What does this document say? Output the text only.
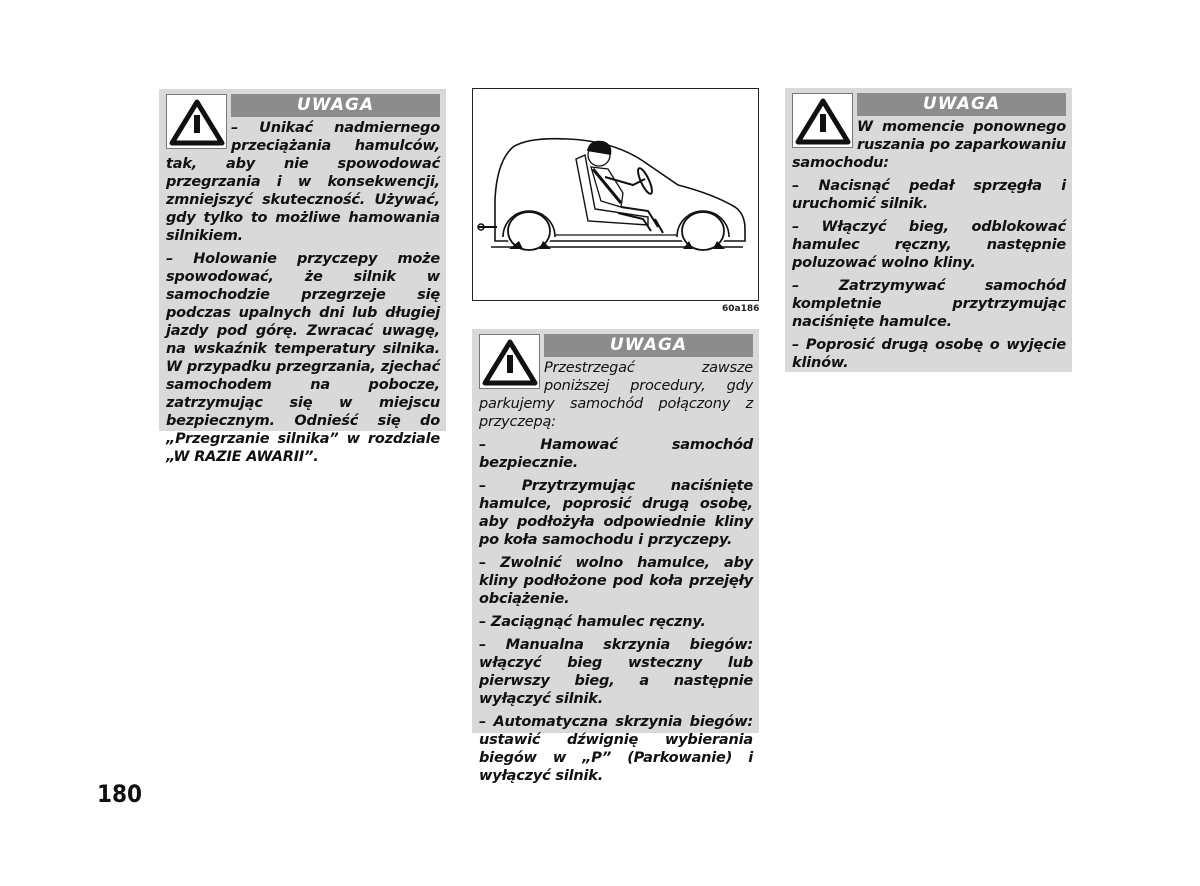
UWAGA

– Unikać nadmiernego przeciążania hamulców, tak, aby nie spowodować przegrzania i w konsekwencji, zmniejszyć skuteczność. Używać, gdy tylko to możliwe hamowania silnikiem.

– Holowanie przyczepy może spowodować, że silnik w samochodzie przegrzeje się podczas upalnych dni lub długiej jazdy pod górę. Zwracać uwagę, na wskaźnik temperatury silnika. W przypadku przegrzania, zjechać samochodem na pobocze, zatrzymując się w miejscu bezpiecznym. Odnieść się do „Przegrzanie silnika” w rozdziale „W RAZIE AWARII”.

60a186
UWAGA

Przestrzegać zawsze poniższej procedury, gdy parkujemy samochód połączony z przyczepą:

– Hamować samochód bezpiecznie.

– Przytrzymując naciśnięte hamulce, poprosić drugą osobę, aby podłożyła odpowiednie kliny po koła samochodu i przyczepy.

– Zwolnić wolno hamulce, aby kliny podłożone pod koła przejęły obciążenie.

– Zaciągnąć hamulec ręczny.

– Manualna skrzynia biegów: włączyć bieg wsteczny lub pierwszy bieg, a następnie wyłączyć silnik.

– Automatyczna skrzynia biegów: ustawić dźwignię wybierania biegów w „P” (Parkowanie) i wyłączyć silnik.

UWAGA

W momencie ponownego ruszania po zaparkowaniu samochodu:

– Nacisnąć pedał sprzęgła i uruchomić silnik.

– Włączyć bieg, odblokować hamulec ręczny, następnie poluzować wolno kliny.

– Zatrzymywać samochód kompletnie przytrzymując naciśnięte hamulce.

– Poprosić drugą osobę o wyjęcie klinów.

180
